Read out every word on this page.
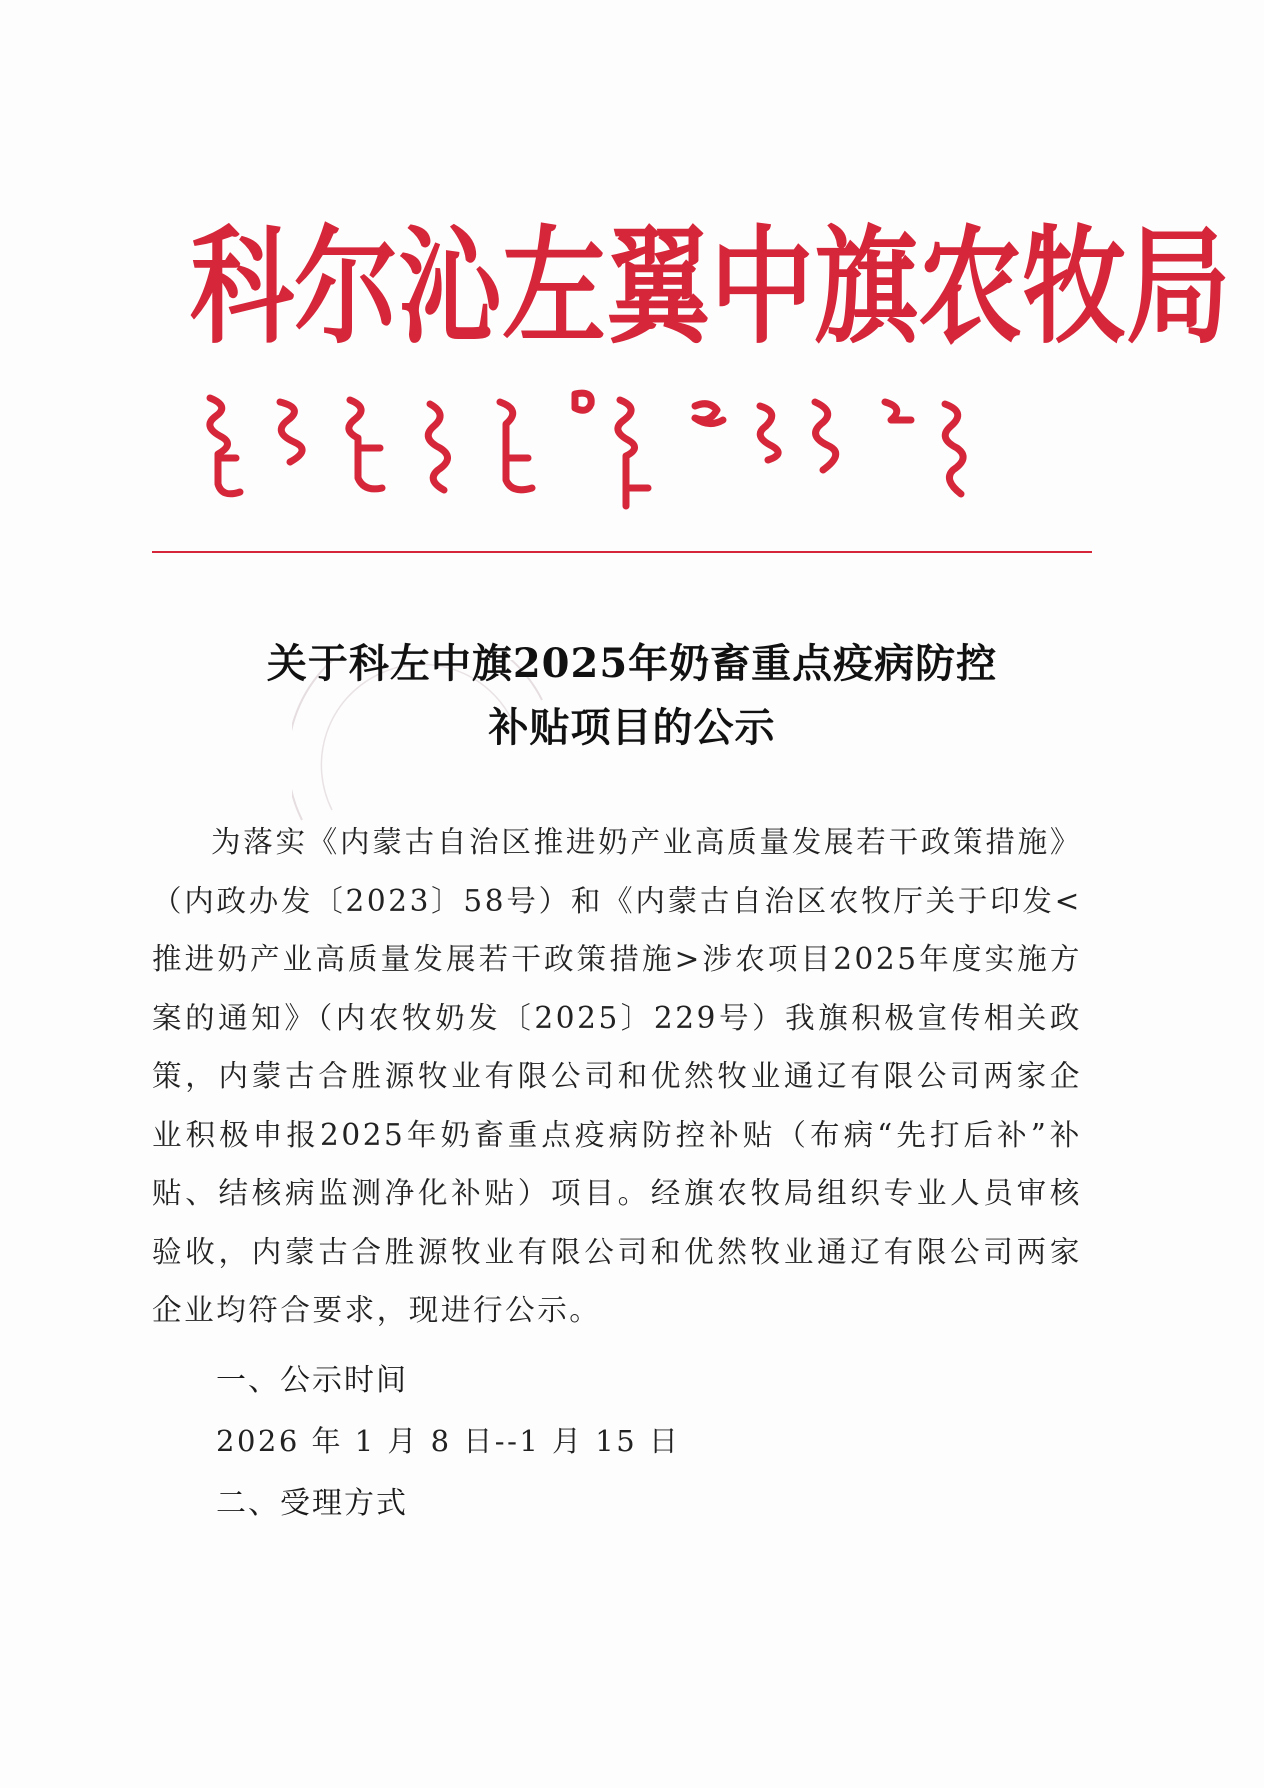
科 尔 沁 左 翼 中 旗 农 牧 局
关于科左中旗2025年奶畜重点疫病防控
补贴项目的公示
为落实《内蒙古自治区推进奶产业高质量发展若干政策措施》（内政办发〔2023〕58号）和《内蒙古自治区农牧厅关于印发<推进奶产业高质量发展若干政策措施>涉农项目2025年度实施方案的通知》（内农牧奶发〔2025〕229号）我旗积极宣传相关政策，内蒙古合胜源牧业有限公司和优然牧业通辽有限公司两家企业积极申报2025年奶畜重点疫病防控补贴（布病“先打后补”补贴、结核病监测净化补贴）项目。经旗农牧局组织专业人员审核验收，内蒙古合胜源牧业有限公司和优然牧业通辽有限公司两家企业均符合要求，现进行公示。
一、公示时间
2026 年 1 月 8 日--1 月 15 日
二、受理方式
